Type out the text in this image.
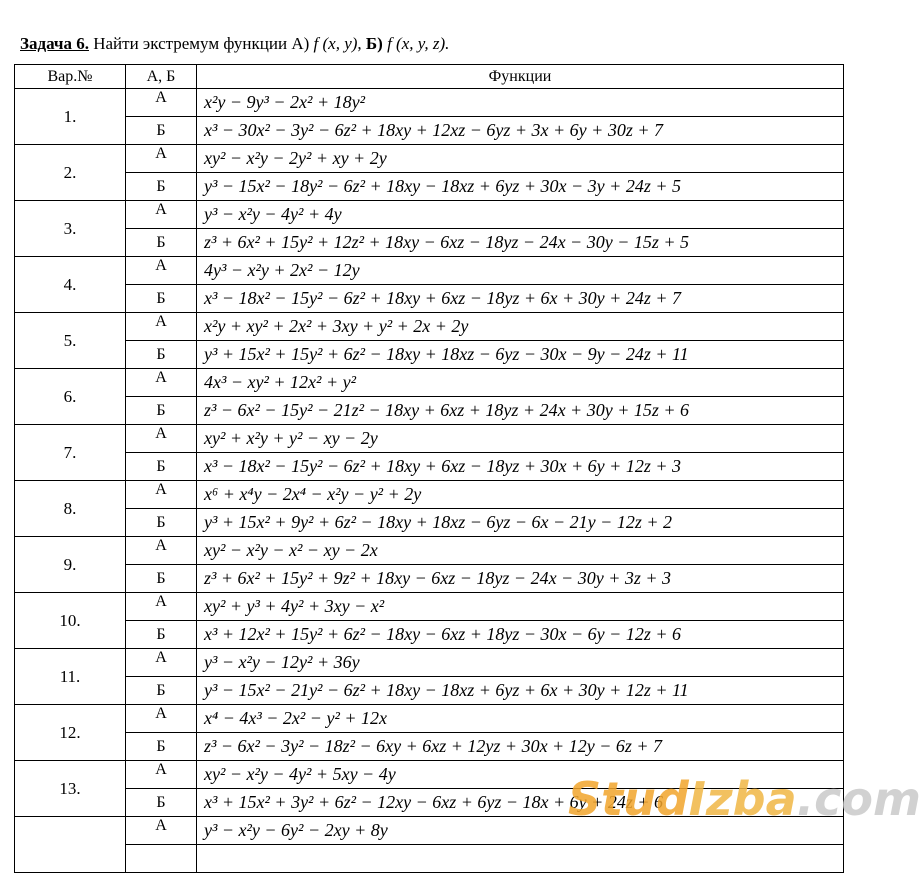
Задача 6. Найти экстремум функции А) f (x, y), Б) f (x, y, z).
Вар.№	А, Б	Функции
1.	А	x²y − 9y³ − 2x² + 18y²
	Б	x³ − 30x² − 3y² − 6z² + 18xy + 12xz − 6yz + 3x + 6y + 30z + 7
2.	А	xy² − x²y − 2y² + xy + 2y
	Б	y³ − 15x² − 18y² − 6z² + 18xy − 18xz + 6yz + 30x − 3y + 24z + 5
3.	А	y³ − x²y − 4y² + 4y
	Б	z³ + 6x² + 15y² + 12z² + 18xy − 6xz − 18yz − 24x − 30y − 15z + 5
4.	А	4y³ − x²y + 2x² − 12y
	Б	x³ − 18x² − 15y² − 6z² + 18xy + 6xz − 18yz + 6x + 30y + 24z + 7
5.	А	x²y + xy² + 2x² + 3xy + y² + 2x + 2y
	Б	y³ + 15x² + 15y² + 6z² − 18xy + 18xz − 6yz − 30x − 9y − 24z + 11
6.	А	4x³ − xy² + 12x² + y²
	Б	z³ − 6x² − 15y² − 21z² − 18xy + 6xz + 18yz + 24x + 30y + 15z + 6
7.	А	xy² + x²y + y² − xy − 2y
	Б	x³ − 18x² − 15y² − 6z² + 18xy + 6xz − 18yz + 30x + 6y + 12z + 3
8.	А	x⁶ + x⁴y − 2x⁴ − x²y − y² + 2y
	Б	y³ + 15x² + 9y² + 6z² − 18xy + 18xz − 6yz − 6x − 21y − 12z + 2
9.	А	xy² − x²y − x² − xy − 2x
	Б	z³ + 6x² + 15y² + 9z² + 18xy − 6xz − 18yz − 24x − 30y + 3z + 3
10.	А	xy² + y³ + 4y² + 3xy − x²
	Б	x³ + 12x² + 15y² + 6z² − 18xy − 6xz + 18yz − 30x − 6y − 12z + 6
11.	А	y³ − x²y − 12y² + 36y
	Б	y³ − 15x² − 21y² − 6z² + 18xy − 18xz + 6yz + 6x + 30y + 12z + 11
12.	А	x⁴ − 4x³ − 2x² − y² + 12x
	Б	z³ − 6x² − 3y² − 18z² − 6xy + 6xz + 12yz + 30x + 12y − 6z + 7
13.	А	xy² − x²y − 4y² + 5xy − 4y
	Б	x³ + 15x² + 3y² + 6z² − 12xy − 6xz + 6yz − 18x + 6y + 24z + 6
	А	y³ − x²y − 6y² − 2xy + 8y

StudIzba.com
